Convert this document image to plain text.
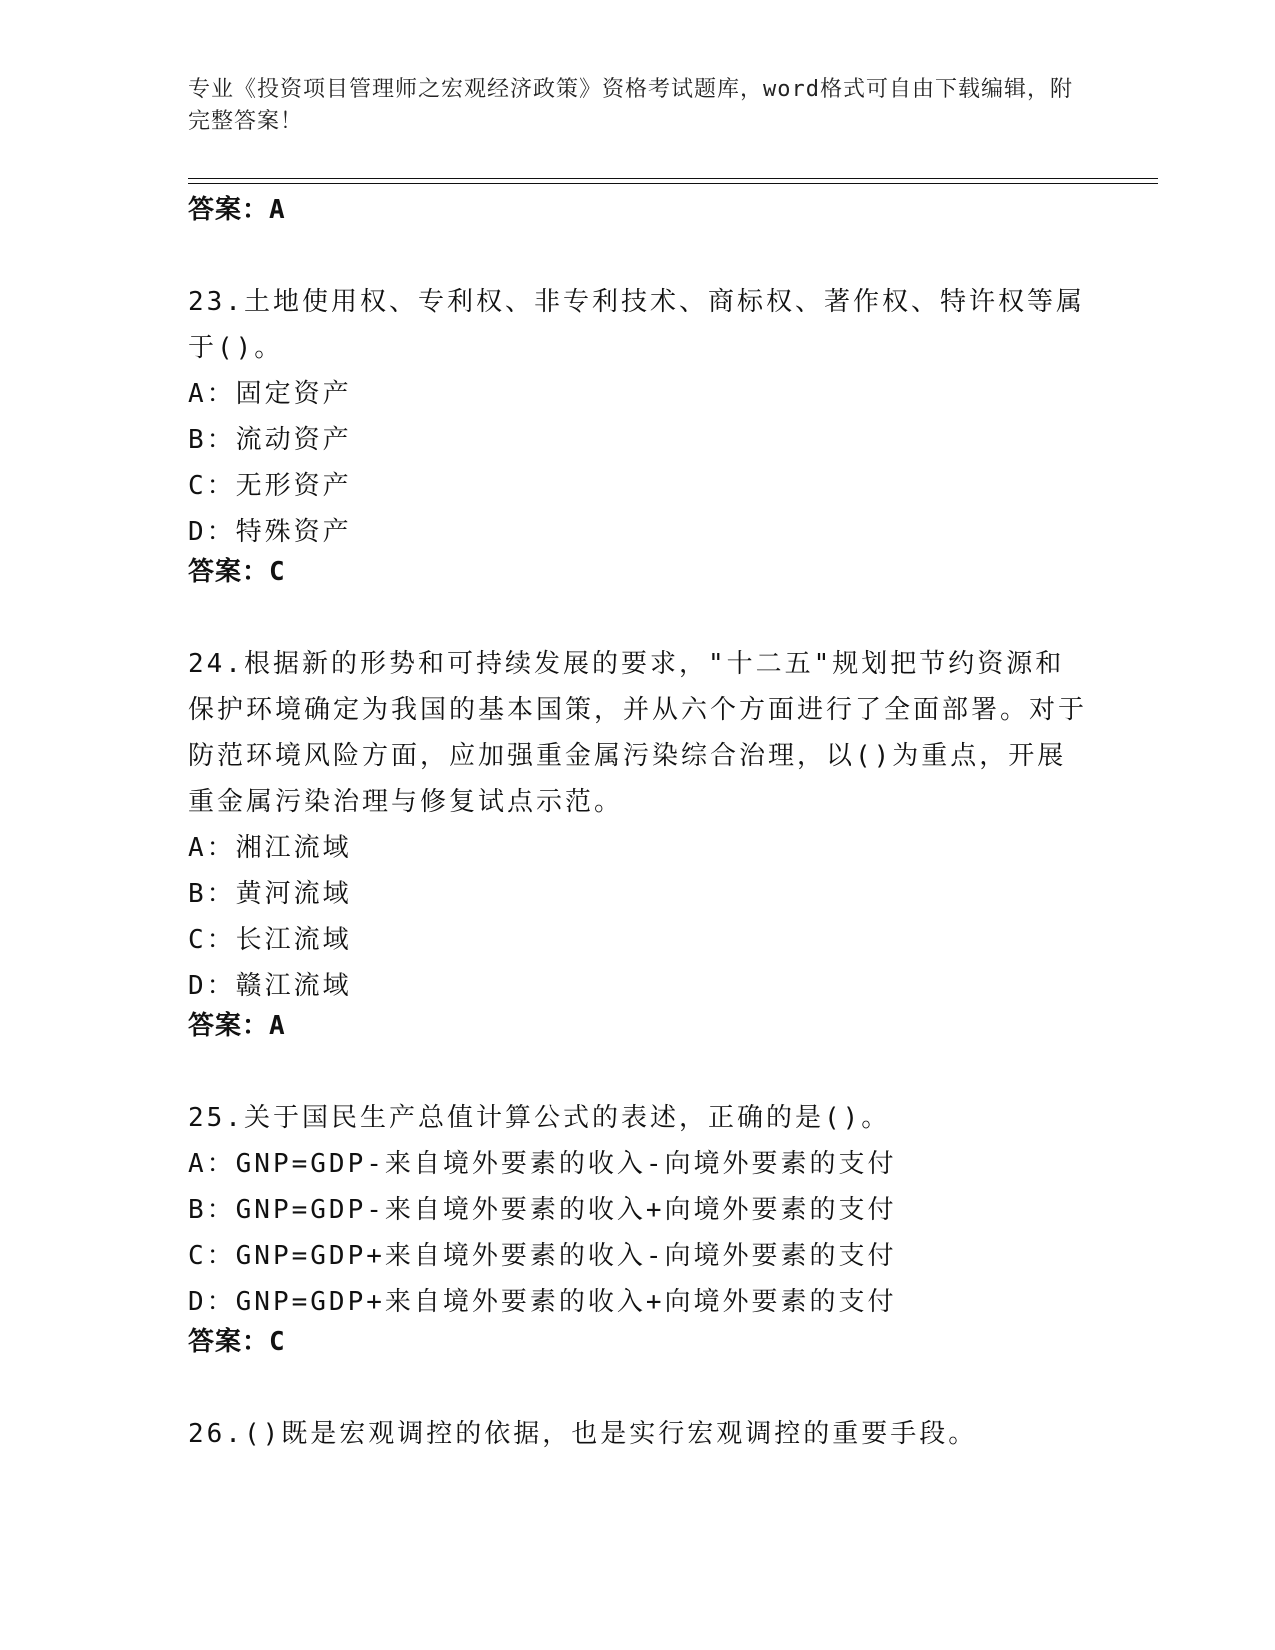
专业《投资项目管理师之宏观经济政策》资格考试题库，word格式可自由下载编辑，附完整答案！
答案：A
23.土地使用权、专利权、非专利技术、商标权、著作权、特许权等属于()。
A：固定资产
B：流动资产
C：无形资产
D：特殊资产
答案：C
24.根据新的形势和可持续发展的要求，"十二五"规划把节约资源和保护环境确定为我国的基本国策，并从六个方面进行了全面部署。对于防范环境风险方面，应加强重金属污染综合治理，以()为重点，开展重金属污染治理与修复试点示范。
A：湘江流域
B：黄河流域
C：长江流域
D：赣江流域
答案：A
25.关于国民生产总值计算公式的表述，正确的是()。
A：GNP=GDP-来自境外要素的收入-向境外要素的支付
B：GNP=GDP-来自境外要素的收入+向境外要素的支付
C：GNP=GDP+来自境外要素的收入-向境外要素的支付
D：GNP=GDP+来自境外要素的收入+向境外要素的支付
答案：C
26.()既是宏观调控的依据，也是实行宏观调控的重要手段。
